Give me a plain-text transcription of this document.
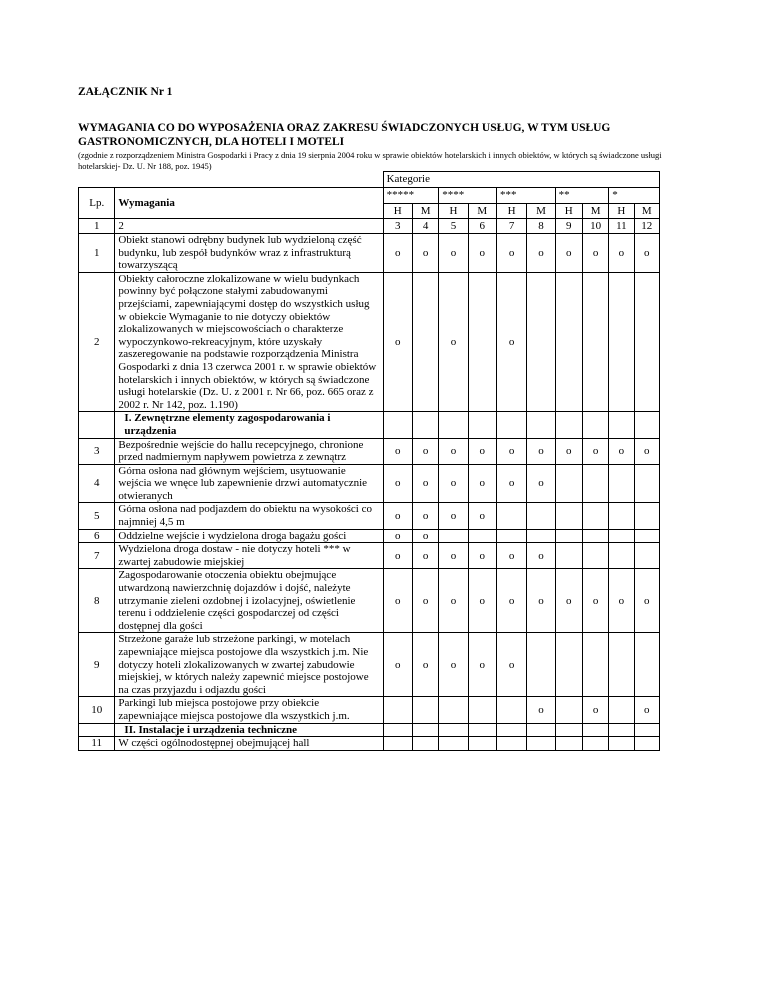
ZAŁĄCZNIK Nr 1

WYMAGANIA CO DO WYPOSAŻENIA ORAZ ZAKRESU ŚWIADCZONYCH USŁUG, W TYM USŁUG GASTRONOMICZNYCH, DLA HOTELI I MOTELI

(zgodnie z rozporządzeniem Ministra Gospodarki i Pracy z dnia 19 sierpnia 2004 roku w sprawie obiektów hotelarskich i innych obiektów, w których są świadczone usługi hotelarskiej- Dz. U. Nr 188, poz. 1945)

		Kategorie									
Lp.	Wymagania	*****		****		***		**		*	
		H	M	H	M	H	M	H	M	H	M
1	2	3	4	5	6	7	8	9	10	11	12
1	Obiekt stanowi odrębny budynek lub wydzieloną część budynku, lub zespół budynków wraz z infrastrukturą towarzyszącą	o	o	o	o	o	o	o	o	o	o
2	Obiekty całoroczne zlokalizowane w wielu budynkach powinny być połączone stałymi zabudowanymi przejściami, zapewniającymi dostęp do wszystkich usług w obiekcie Wymaganie to nie dotyczy obiektów zlokalizowanych w miejscowościach o charakterze wypoczynkowo-rekreacyjnym, które uzyskały zaszeregowanie na podstawie rozporządzenia Ministra Gospodarki z dnia 13 czerwca 2001 r. w sprawie obiektów hotelarskich i innych obiektów, w których są świadczone usługi hotelarskie (Dz. U. z 2001 r. Nr 66, poz. 665 oraz z 2002 r. Nr 142, poz. 1.190)	o		o		o					
	I. Zewnętrzne elementy zagospodarowania i urządzenia										
3	Bezpośrednie wejście do hallu recepcyjnego, chronione przed nadmiernym napływem powietrza z zewnątrz	o	o	o	o	o	o	o	o	o	o
4	Górna osłona nad głównym wejściem, usytuowanie wejścia we wnęce lub zapewnienie drzwi automatycznie otwieranych	o	o	o	o	o	o				
5	Górna osłona nad podjazdem do obiektu na wysokości co najmniej 4,5 m	o	o	o	o						
6	Oddzielne wejście i wydzielona droga bagażu gości	o	o								
7	Wydzielona droga dostaw - nie dotyczy hoteli *** w zwartej zabudowie miejskiej	o	o	o	o	o	o				
8	Zagospodarowanie otoczenia obiektu obejmujące utwardzoną nawierzchnię dojazdów i dojść, należyte utrzymanie zieleni ozdobnej i izolacyjnej, oświetlenie terenu i oddzielenie części gospodarczej od części dostępnej dla gości	o	o	o	o	o	o	o	o	o	o
9	Strzeżone garaże lub strzeżone parkingi, w motelach zapewniające miejsca postojowe dla wszystkich j.m. Nie dotyczy hoteli zlokalizowanych w zwartej zabudowie miejskiej, w których należy zapewnić miejsce postojowe na czas przyjazdu i odjazdu gości	o	o	o	o	o					
10	Parkingi lub miejsca postojowe przy obiekcie zapewniające miejsca postojowe dla wszystkich j.m.						o		o		o
	II. Instalacje i urządzenia techniczne										
11	W części ogólnodostępnej obejmującej hall										
